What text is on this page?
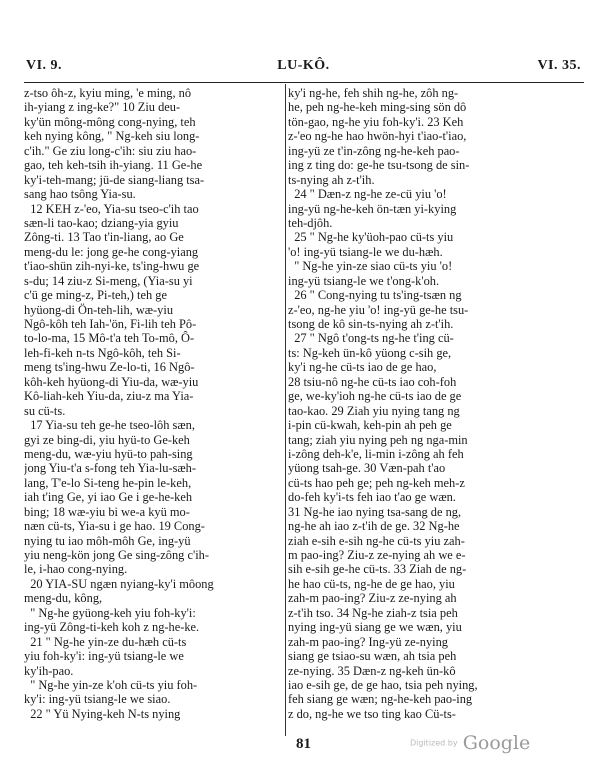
VI. 9.	LU-KÔ.	VI. 35.
z-tso ôh-z, kyiu ming, 'e ming, nô
ih-yiang z ing-ke?" 10 Ziu deu-
ky'ün mông-mông cong-nying, teh
keh nying kông, " Ng-keh siu long-
c'ih." Ge ziu long-c'ih: siu ziu hao-
gao, teh keh-tsih ih-yiang. 11 Ge-he
ky'i-teh-mang; jü-de siang-liang tsa-
sang hao tsông Yia-su.
12 KEH z-'eo, Yia-su tseo-c'ih tao
sæn-li tao-kao; dziang-yia gyiu
Zông-ti. 13 Tao t'in-liang, ao Ge
meng-du le: jong ge-he cong-yiang
t'iao-shün zih-nyi-ke, ts'ing-hwu ge
s-du; 14 ziu-z Si-meng, (Yia-su yi
c'ü ge ming-z, Pi-teh,) teh ge
hyüong-di Ön-teh-lih, wæ-yiu
Ngô-kôh teh Iah-'ön, Fi-lih teh Pô-
to-lo-ma, 15 Mô-t'a teh To-mô, Ô-
leh-fi-keh n-ts Ngô-kôh, teh Si-
meng ts'ing-hwu Ze-lo-ti, 16 Ngô-
kôh-keh hyüong-di Yiu-da, wæ-yiu
Kô-liah-keh Yiu-da, ziu-z ma Yia-
su cü-ts.
17 Yia-su teh ge-he tseo-lôh sæn,
gyi ze bing-di, yiu hyü-to Ge-keh
meng-du, wæ-yiu hyü-to pah-sing
jong Yiu-t'a s-fong teh Yia-lu-sæh-
lang, T'e-lo Si-teng he-pin le-keh,
iah t'ing Ge, yi iao Ge i ge-he-keh
bing; 18 wæ-yiu bi we-a kyü mo-
næn cü-ts, Yia-su i ge hao. 19 Cong-
nying tu iao môh-môh Ge, ing-yü
yiu neng-kön jong Ge sing-zông c'ih-
le, i-hao cong-nying.
20 YIA-SU ngæn nyiang-ky'i môong
meng-du, kông,
" Ng-he gyüong-keh yiu foh-ky'i:
ing-yü Zông-ti-keh koh z ng-he-ke.
21 " Ng-he yin-ze du-hæh cü-ts
yiu foh-ky'i: ing-yü tsiang-le we
ky'ih-pao.
" Ng-he yin-ze k'oh cü-ts yiu foh-
ky'i: ing-yü tsiang-le we siao.
22 " Yü Nying-keh N-ts nying
ky'i ng-he, feh shih ng-he, zôh ng-
he, peh ng-he-keh ming-sing sön dô
tön-gao, ng-he yiu foh-ky'i. 23 Keh
z-'eo ng-he hao hwön-hyi t'iao-t'iao,
ing-yü ze t'in-zông ng-he-keh pao-
ing z ting do: ge-he tsu-tsong de sin-
ts-nying ah z-t'ih.
24 " Dæn-z ng-he ze-cü yiu 'o!
ing-yü ng-he-keh ön-tæn yi-kying
teh-djôh.
25 " Ng-he ky'üoh-pao cü-ts yiu
'o! ing-yü tsiang-le we du-hæh.
" Ng-he yin-ze siao cü-ts yiu 'o!
ing-yü tsiang-le we t'ong-k'oh.
26 " Cong-nying tu ts'ing-tsæn ng
z-'eo, ng-he yiu 'o! ing-yü ge-he tsu-
tsong de kô sin-ts-nying ah z-t'ih.
27 " Ngô t'ong-ts ng-he t'ing cü-
ts: Ng-keh ün-kô yüong c-sih ge,
ky'i ng-he cü-ts iao de ge hao,
28 tsiu-nô ng-he cü-ts iao coh-foh
ge, we-ky'ioh ng-he cü-ts iao de ge
tao-kao. 29 Ziah yiu nying tang ng
i-pin cü-kwah, keh-pin ah peh ge
tang; ziah yiu nying peh ng nga-min
i-zông deh-k'e, li-min i-zông ah feh
yüong tsah-ge. 30 Væn-pah t'ao
cü-ts hao peh ge; peh ng-keh meh-z
do-feh ky'i-ts feh iao t'ao ge wæn.
31 Ng-he iao nying tsa-sang de ng,
ng-he ah iao z-t'ih de ge. 32 Ng-he
ziah e-sih e-sih ng-he cü-ts yiu zah-
m pao-ing? Ziu-z ze-nying ah we e-
sih e-sih ge-he cü-ts. 33 Ziah de ng-
he hao cü-ts, ng-he de ge hao, yiu
zah-m pao-ing? Ziu-z ze-nying ah
z-t'ih tso. 34 Ng-he ziah-z tsia peh
nying ing-yü siang ge we wæn, yiu
zah-m pao-ing? Ing-yü ze-nying
siang ge tsiao-su wæn, ah tsia peh
ze-nying. 35 Dæn-z ng-keh ün-kô
iao e-sih ge, de ge hao, tsia peh nying,
feh siang ge wæn; ng-he-keh pao-ing
z do, ng-he we tso ting kao Cü-ts-
81	Digitized by Google
